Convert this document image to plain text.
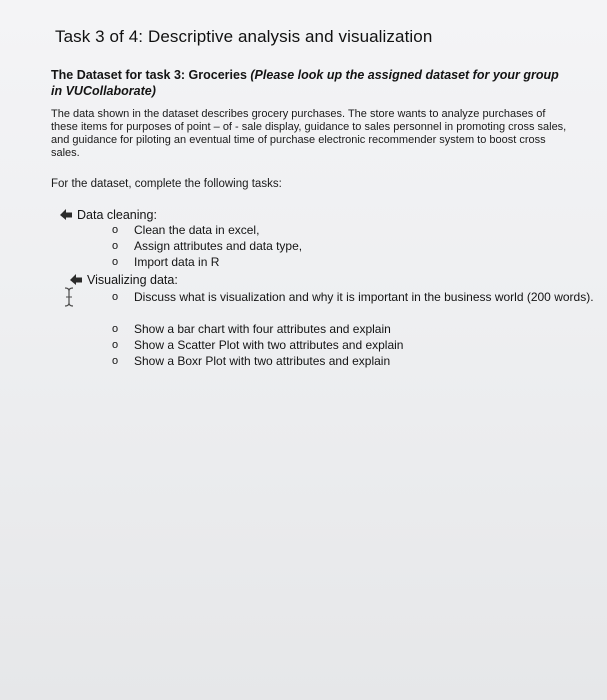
Task 3 of 4: Descriptive analysis and visualization
The Dataset for task 3: Groceries (Please look up the assigned dataset for your group in VUCollaborate)
The data shown in the dataset describes grocery purchases. The store wants to analyze purchases of these items for purposes of point – of - sale display, guidance to sales personnel in promoting cross sales, and guidance for piloting an eventual time of purchase electronic recommender system to boost cross sales.
For the dataset, complete the following tasks:
Data cleaning:
o Clean the data in excel,
o Assign attributes and data type,
o Import data in R
Visualizing data:
o Discuss what is visualization and why it is important in the business world (200 words).
o Show a bar chart with four attributes and explain
o Show a Scatter Plot with two attributes and explain
o Show a Boxr Plot with two attributes and explain
